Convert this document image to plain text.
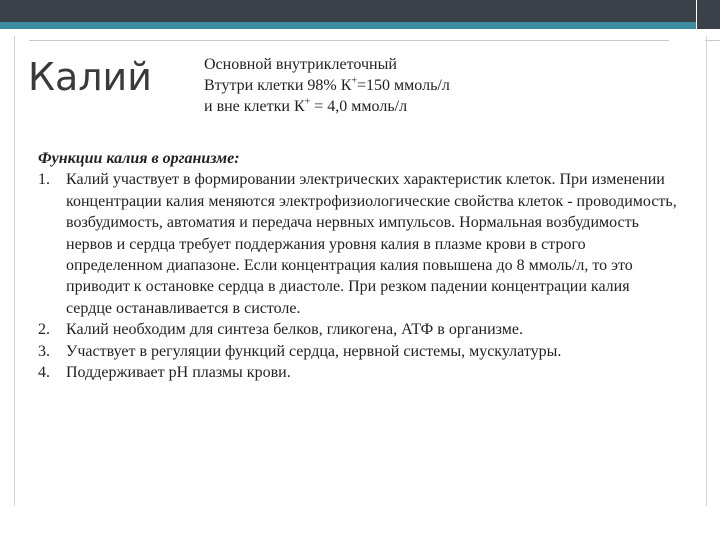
Калий	Основной внутриклеточный
Втутри клетки 98% К+=150 ммоль/л
и вне клетки К+ = 4,0 ммоль/л
Функции калия в организме:
1. Калий участвует в формировании электрических характеристик клеток. При изменении концентрации калия меняются электрофизиологические свойства клеток - проводимость, возбудимость, автоматия и передача нервных импульсов. Нормальная возбудимость нервов и сердца требует поддержания уровня калия в плазме крови в строго определенном диапазоне. Если концентрация калия повышена до 8 ммоль/л, то это приводит к остановке сердца в диастоле. При резком падении концентрации калия сердце останавливается в систоле.
2. Калий необходим для синтеза белков, гликогена, АТФ в организме.
3. Участвует в регуляции функций сердца, нервной системы, мускулатуры.
4. Поддерживает рН плазмы крови.
